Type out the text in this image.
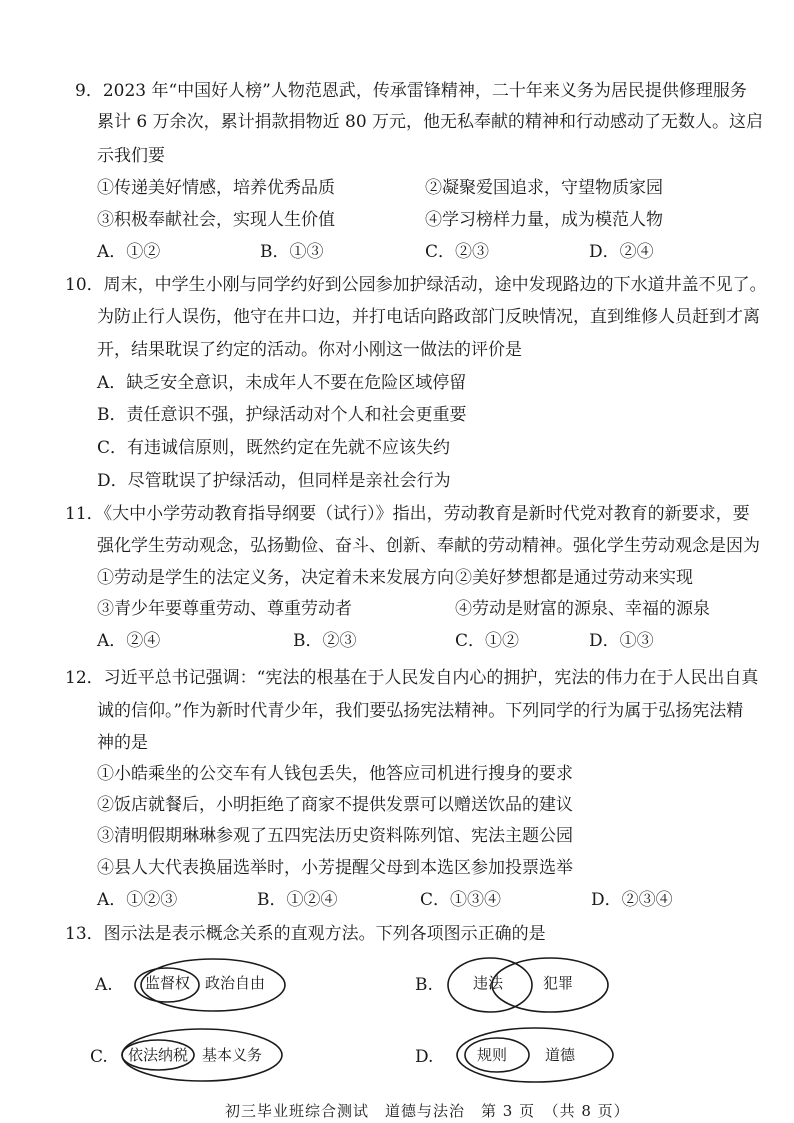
9．2023 年“中国好人榜”人物范恩武，传承雷锋精神，二十年来义务为居民提供修理服务
累计 6 万余次，累计捐款捐物近 80 万元，他无私奉献的精神和行动感动了无数人。这启
示我们要
①传递美好情感，培养优秀品质	②凝聚爱国追求，守望物质家园
③积极奉献社会，实现人生价值	④学习榜样力量，成为模范人物
A．①②	B．①③	C．②③	D．②④
10．周末，中学生小刚与同学约好到公园参加护绿活动，途中发现路边的下水道井盖不见了。
为防止行人误伤，他守在井口边，并打电话向路政部门反映情况，直到维修人员赶到才离
开，结果耽误了约定的活动。你对小刚这一做法的评价是
A．缺乏安全意识，未成年人不要在危险区域停留
B．责任意识不强，护绿活动对个人和社会更重要
C．有违诚信原则，既然约定在先就不应该失约
D．尽管耽误了护绿活动，但同样是亲社会行为
11．《大中小学劳动教育指导纲要（试行）》指出，劳动教育是新时代党对教育的新要求，要
强化学生劳动观念，弘扬勤俭、奋斗、创新、奉献的劳动精神。强化学生劳动观念是因为
①劳动是学生的法定义务，决定着未来发展方向 ②美好梦想都是通过劳动来实现
③青少年要尊重劳动、尊重劳动者	④劳动是财富的源泉、幸福的源泉
A．②④	B．②③	C．①②	D．①③
12．习近平总书记强调：“宪法的根基在于人民发自内心的拥护，宪法的伟力在于人民出自真
诚的信仰。”作为新时代青少年，我们要弘扬宪法精神。下列同学的行为属于弘扬宪法精
神的是
①小皓乘坐的公交车有人钱包丢失，他答应司机进行搜身的要求
②饭店就餐后，小明拒绝了商家不提供发票可以赠送饮品的建议
③清明假期琳琳参观了五四宪法历史资料陈列馆、宪法主题公园
④县人大代表换届选举时，小芳提醒父母到本选区参加投票选举
A．①②③	B．①②④	C．①③④	D．②③④
13．图示法是表示概念关系的直观方法。下列各项图示正确的是
A. 监督权 政治自由	B.	违法	犯罪
C. 依法纳税 基本义务	D.	规则	道德
初三毕业班综合测试　道德与法治　第 3 页　（共 8 页）
